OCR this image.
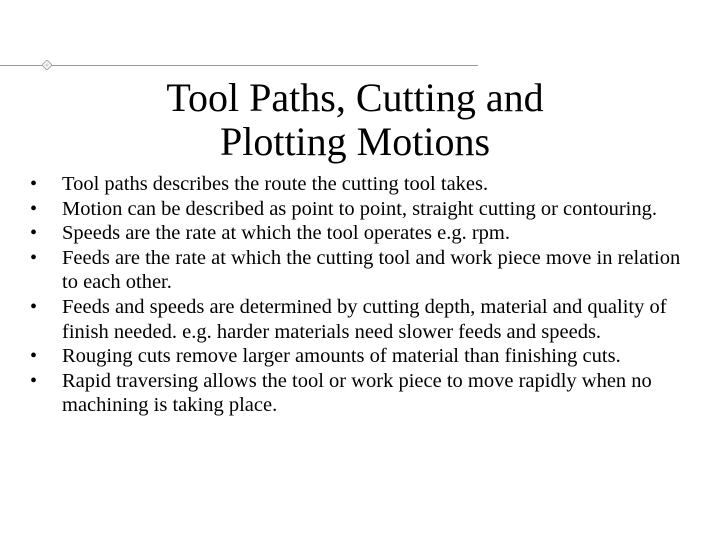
Tool Paths, Cutting and Plotting Motions
• Tool paths describes the route the cutting tool takes.
• Motion can be described as point to point, straight cutting or contouring.
• Speeds are the rate at which the tool operates e.g. rpm.
• Feeds are the rate at which the cutting tool and work piece move in relation to each other.
• Feeds and speeds are determined by cutting depth, material and quality of finish needed. e.g. harder materials need slower feeds and speeds.
• Rouging cuts remove larger amounts of material than finishing cuts.
• Rapid traversing allows the tool or work piece to move rapidly when no machining is taking place.
